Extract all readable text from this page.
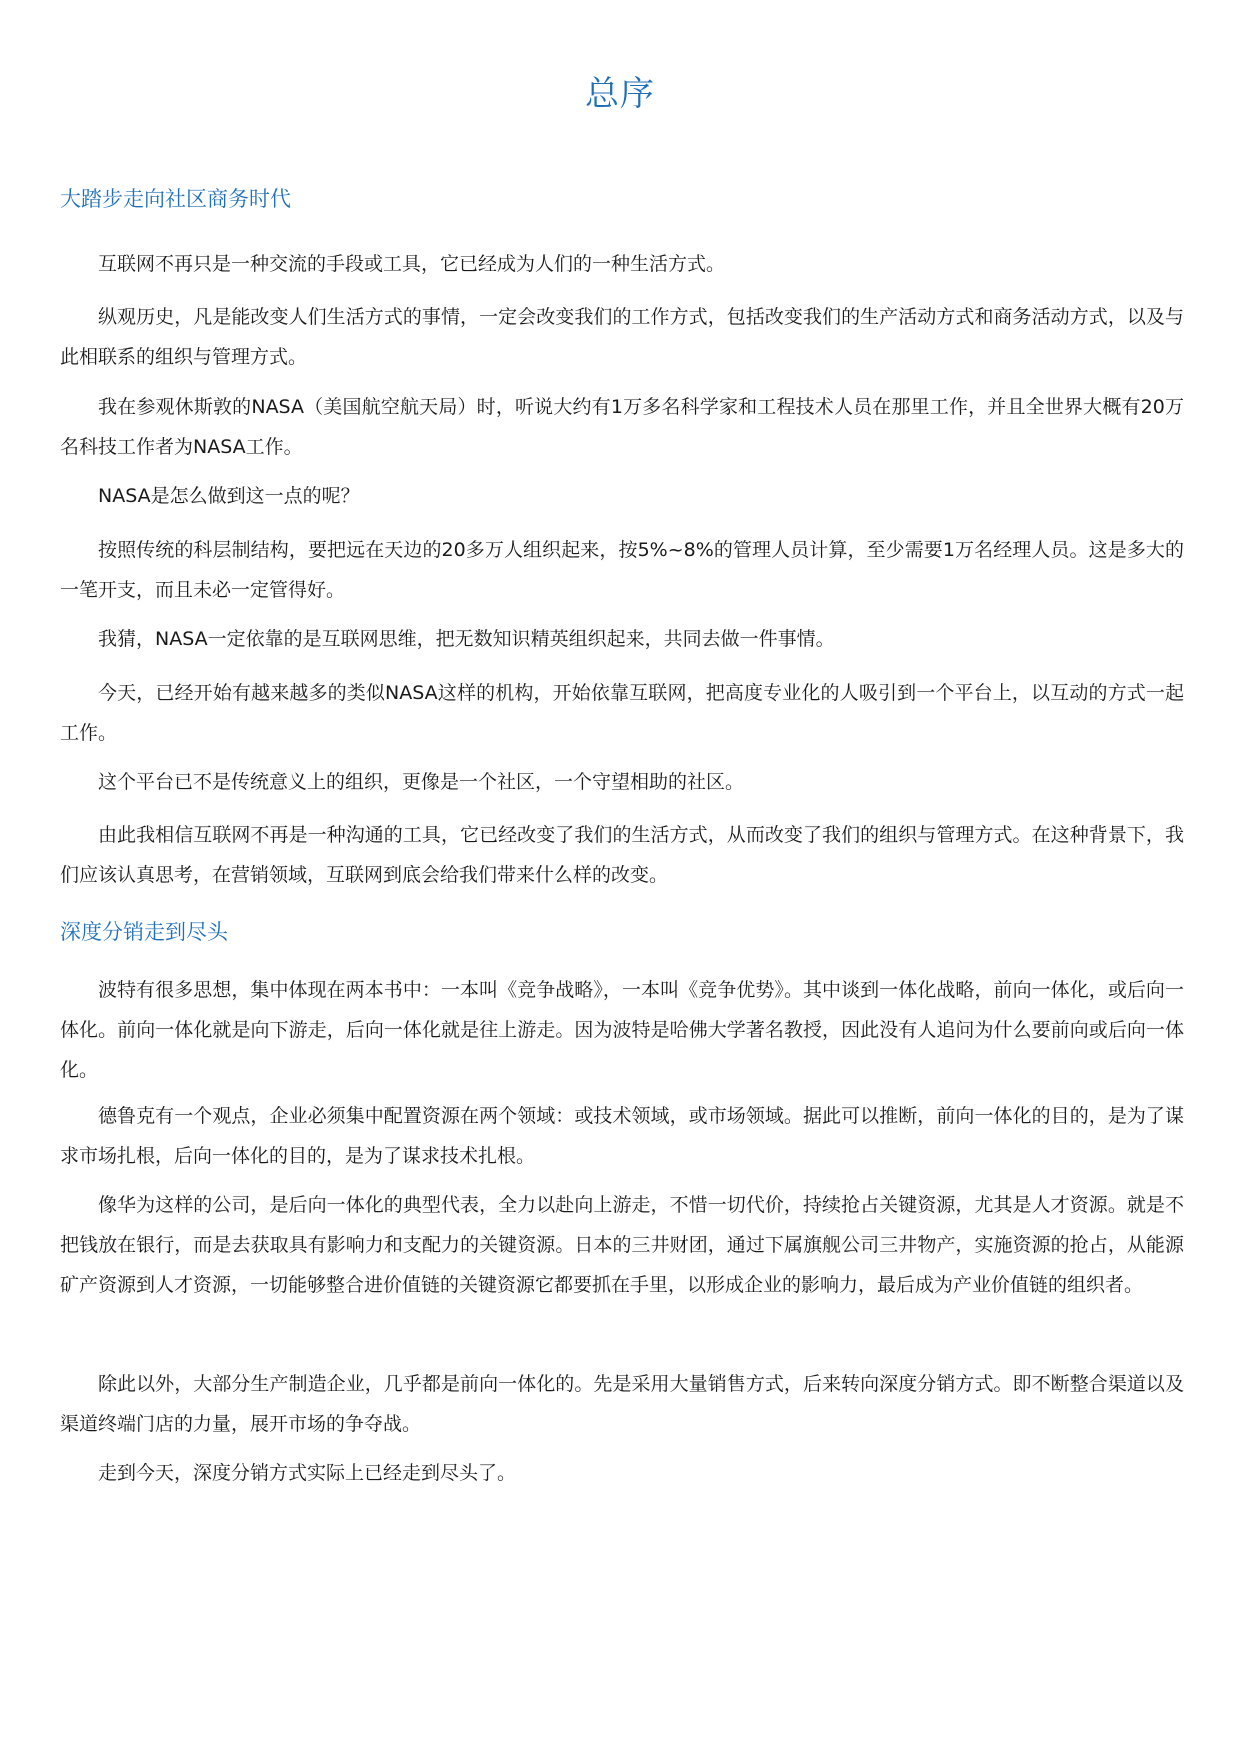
总序
大踏步走向社区商务时代
互联网不再只是一种交流的手段或工具，它已经成为人们的一种生活方式。
纵观历史，凡是能改变人们生活方式的事情，一定会改变我们的工作方式，包括改变我们的生产活动方式和商务活动方式，以及与此相联系的组织与管理方式。
我在参观休斯敦的NASA（美国航空航天局）时，听说大约有1万多名科学家和工程技术人员在那里工作，并且全世界大概有20万名科技工作者为NASA工作。
NASA是怎么做到这一点的呢？
按照传统的科层制结构，要把远在天边的20多万人组织起来，按5%~8%的管理人员计算，至少需要1万名经理人员。这是多大的一笔开支，而且未必一定管得好。
我猜，NASA一定依靠的是互联网思维，把无数知识精英组织起来，共同去做一件事情。
今天，已经开始有越来越多的类似NASA这样的机构，开始依靠互联网，把高度专业化的人吸引到一个平台上，以互动的方式一起工作。
这个平台已不是传统意义上的组织，更像是一个社区，一个守望相助的社区。
由此我相信互联网不再是一种沟通的工具，它已经改变了我们的生活方式，从而改变了我们的组织与管理方式。在这种背景下，我们应该认真思考，在营销领域，互联网到底会给我们带来什么样的改变。
深度分销走到尽头
波特有很多思想，集中体现在两本书中：一本叫《竞争战略》，一本叫《竞争优势》。其中谈到一体化战略，前向一体化，或后向一体化。前向一体化就是向下游走，后向一体化就是往上游走。因为波特是哈佛大学著名教授，因此没有人追问为什么要前向或后向一体化。
德鲁克有一个观点，企业必须集中配置资源在两个领域：或技术领域，或市场领域。据此可以推断，前向一体化的目的，是为了谋求市场扎根，后向一体化的目的，是为了谋求技术扎根。
像华为这样的公司，是后向一体化的典型代表，全力以赴向上游走，不惜一切代价，持续抢占关键资源，尤其是人才资源。就是不把钱放在银行，而是去获取具有影响力和支配力的关键资源。日本的三井财团，通过下属旗舰公司三井物产，实施资源的抢占，从能源矿产资源到人才资源，一切能够整合进价值链的关键资源它都要抓在手里，以形成企业的影响力，最后成为产业价值链的组织者。
除此以外，大部分生产制造企业，几乎都是前向一体化的。先是采用大量销售方式，后来转向深度分销方式。即不断整合渠道以及渠道终端门店的力量，展开市场的争夺战。
走到今天，深度分销方式实际上已经走到尽头了。
